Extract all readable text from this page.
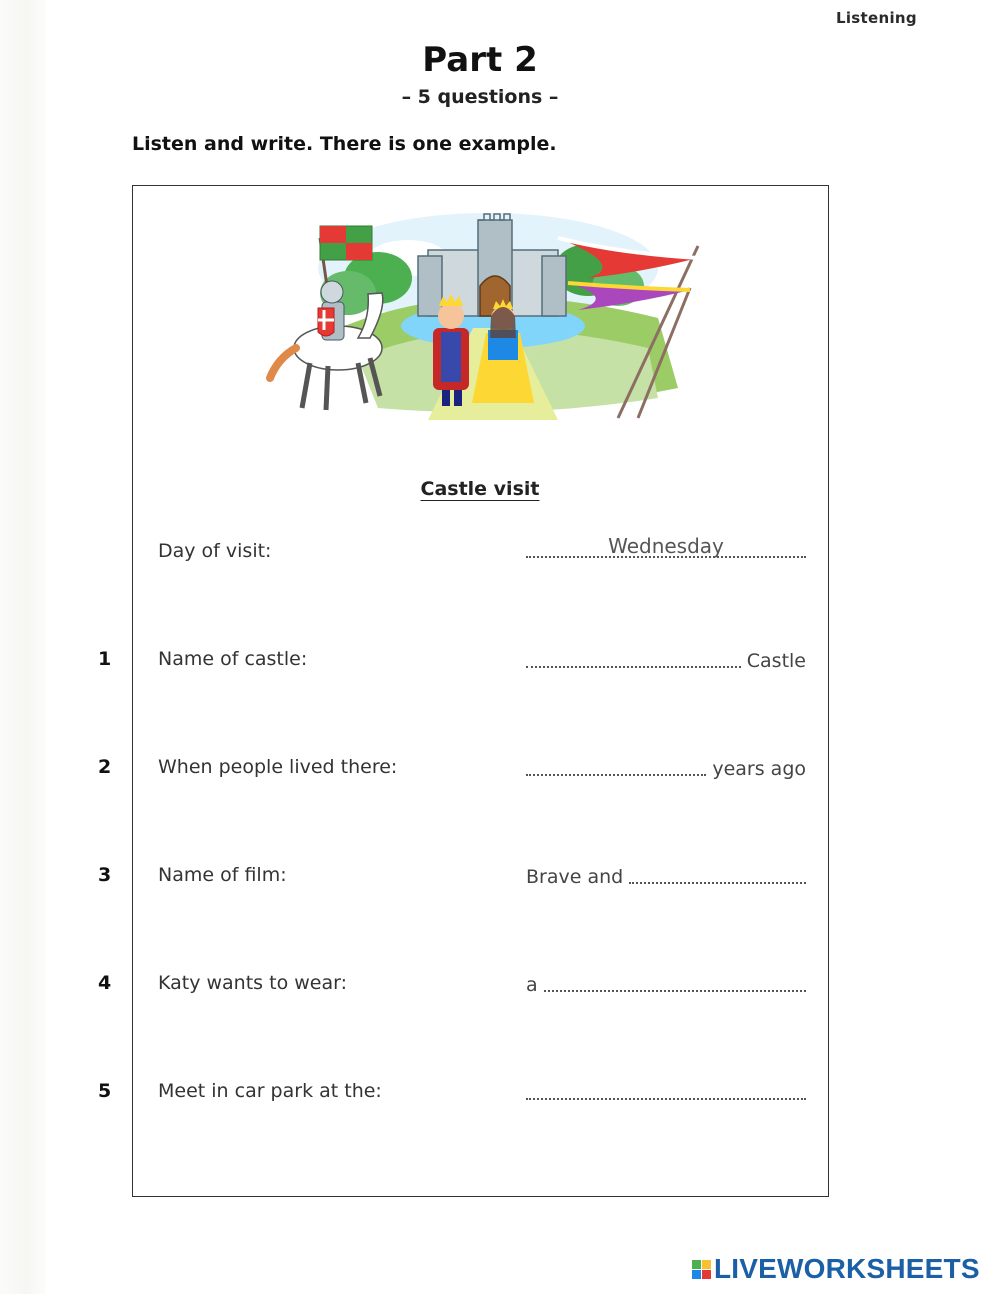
Listening
Part 2
– 5 questions –
Listen and write. There is one example.
Castle visit
Day of visit:	Wednesday
1	Name of castle:	Castle
2	When people lived there:	years ago
3	Name of film:	Brave and
4	Katy wants to wear:	a
5	Meet in car park at the:
LIVEWORKSHEETS
